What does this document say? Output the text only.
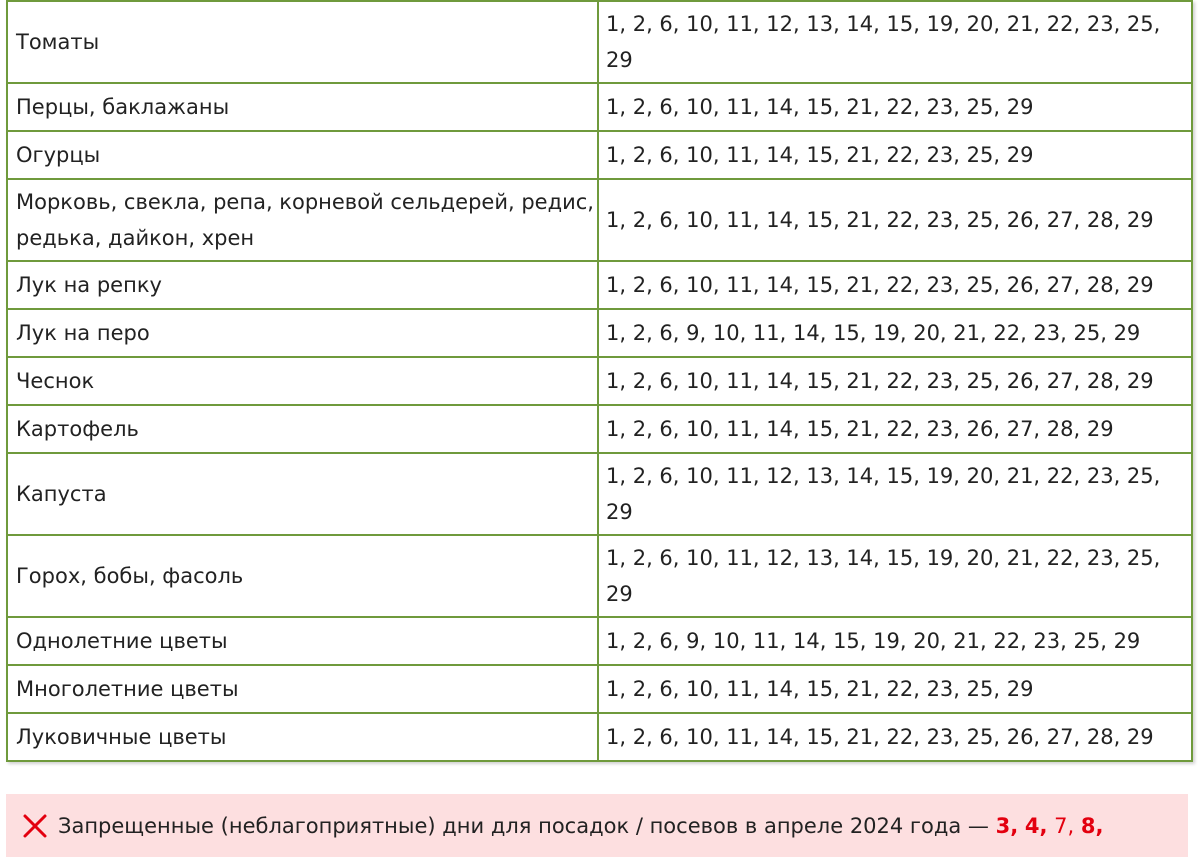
Томаты	1, 2, 6, 10, 11, 12, 13, 14, 15, 19, 20, 21, 22, 23, 25, 29
Перцы, баклажаны	1, 2, 6, 10, 11, 14, 15, 21, 22, 23, 25, 29
Огурцы	1, 2, 6, 10, 11, 14, 15, 21, 22, 23, 25, 29
Морковь, свекла, репа, корневой сельдерей, редис, редька, дайкон, хрен	1, 2, 6, 10, 11, 14, 15, 21, 22, 23, 25, 26, 27, 28, 29
Лук на репку	1, 2, 6, 10, 11, 14, 15, 21, 22, 23, 25, 26, 27, 28, 29
Лук на перо	1, 2, 6, 9, 10, 11, 14, 15, 19, 20, 21, 22, 23, 25, 29
Чеснок	1, 2, 6, 10, 11, 14, 15, 21, 22, 23, 25, 26, 27, 28, 29
Картофель	1, 2, 6, 10, 11, 14, 15, 21, 22, 23, 26, 27, 28, 29
Капуста	1, 2, 6, 10, 11, 12, 13, 14, 15, 19, 20, 21, 22, 23, 25, 29
Горох, бобы, фасоль	1, 2, 6, 10, 11, 12, 13, 14, 15, 19, 20, 21, 22, 23, 25, 29
Однолетние цветы	1, 2, 6, 9, 10, 11, 14, 15, 19, 20, 21, 22, 23, 25, 29
Многолетние цветы	1, 2, 6, 10, 11, 14, 15, 21, 22, 23, 25, 29
Луковичные цветы	1, 2, 6, 10, 11, 14, 15, 21, 22, 23, 25, 26, 27, 28, 29
Запрещенные (неблагоприятные) дни для посадок / посевов в апреле 2024 года —
3,
4,
7,
8,
